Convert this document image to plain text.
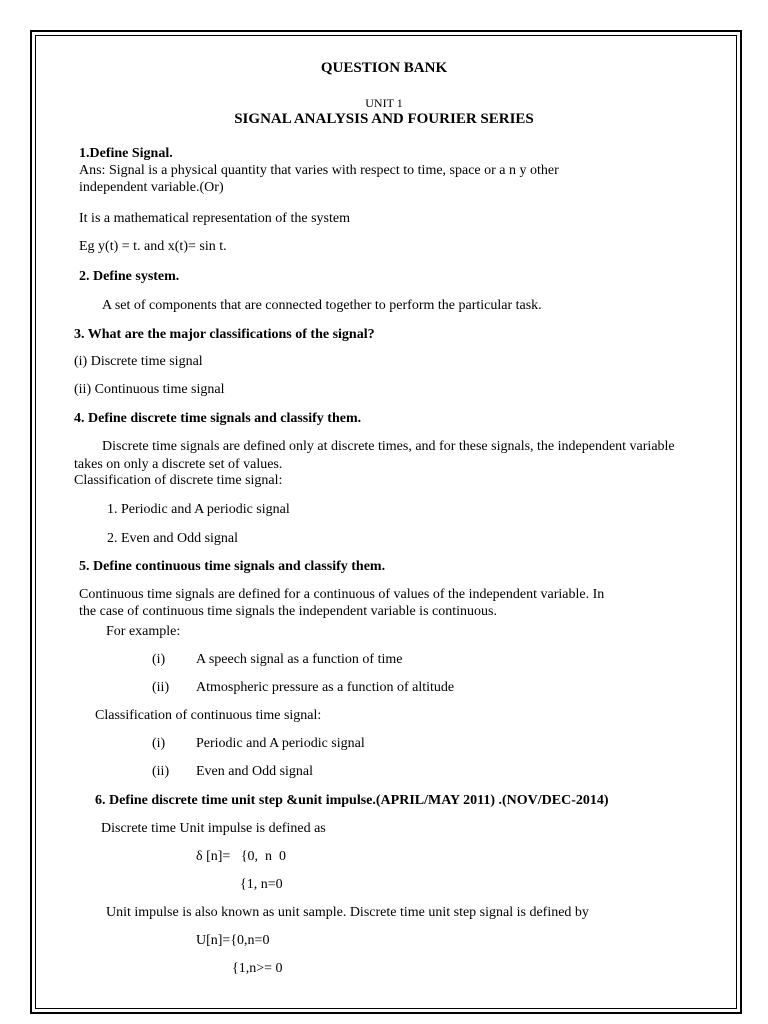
QUESTION BANK
UNIT 1
SIGNAL ANALYSIS AND FOURIER SERIES
1.Define Signal.
Ans: Signal is a physical quantity that varies with respect to time, space or a n y other
independent variable.(Or)
It is a mathematical representation of the system
Eg y(t) = t. and x(t)= sin t.
2. Define system.
A set of components that are connected together to perform the particular task.
3. What are the major classifications of the signal?
(i) Discrete time signal
(ii) Continuous time signal
4. Define discrete time signals and classify them.
Discrete time signals are defined only at discrete times, and for these signals, the independent variable
takes on only a discrete set of values.
Classification of discrete time signal:
1. Periodic and A periodic signal
2. Even and Odd signal
5. Define continuous time signals and classify them.
Continuous time signals are defined for a continuous of values of the independent variable. In
the case of continuous time signals the independent variable is continuous.
For example:
(i) A speech signal as a function of time
(ii) Atmospheric pressure as a function of altitude
Classification of continuous time signal:
(i) Periodic and A periodic signal
(ii) Even and Odd signal
6. Define discrete time unit step &unit impulse.(APRIL/MAY 2011) .(NOV/DEC-2014)
Discrete time Unit impulse is defined as
δ [n]=   {0,  n  0
{1, n=0
Unit impulse is also known as unit sample. Discrete time unit step signal is defined by
U[n]={0,n=0
{1,n>= 0
